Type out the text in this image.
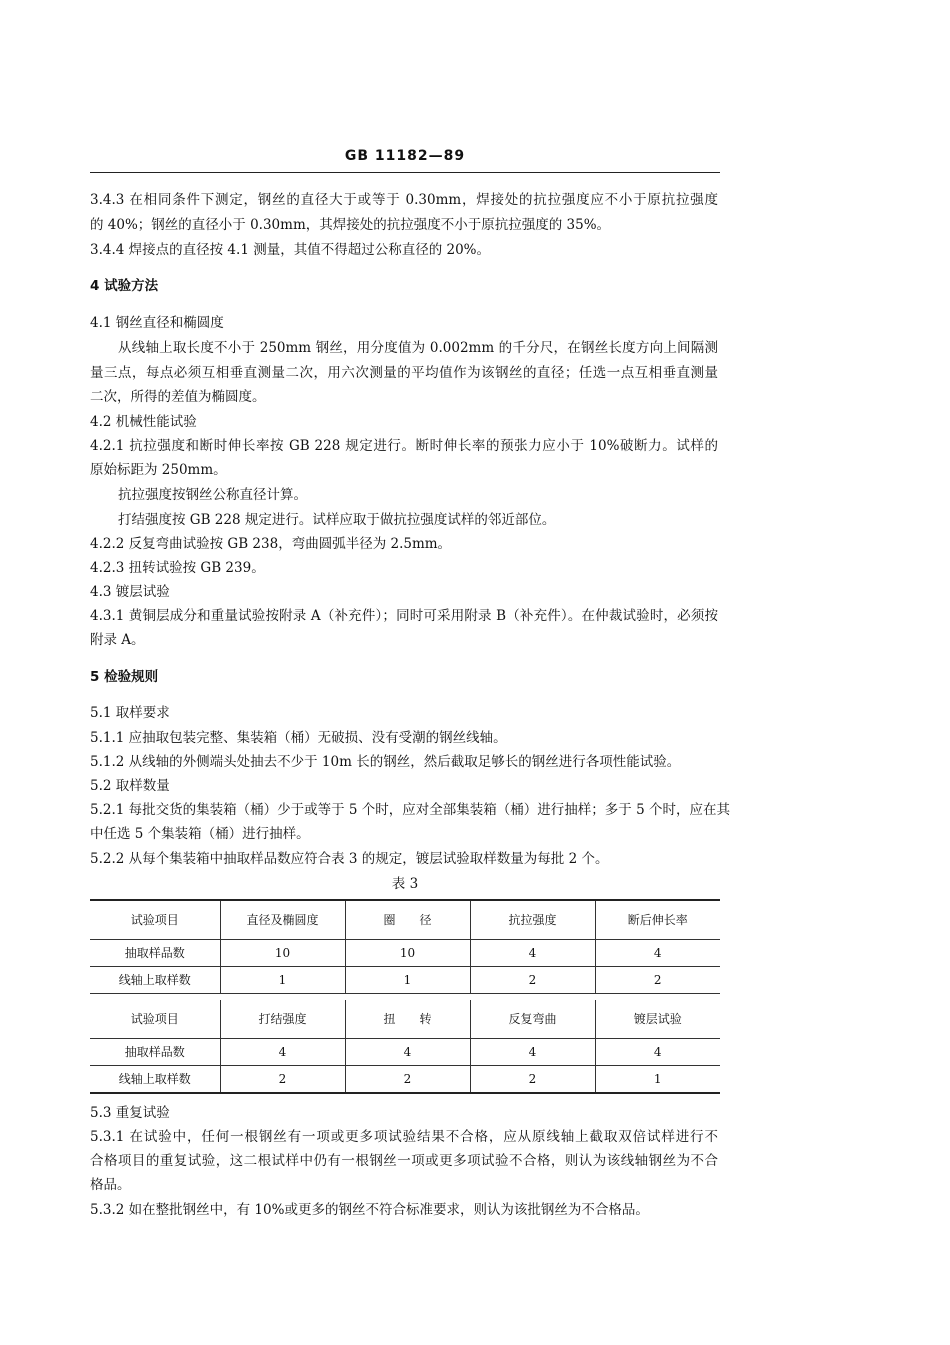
GB 11182—89
3.4.3 在相同条件下测定，钢丝的直径大于或等于 0.30mm，焊接处的抗拉强度应不小于原抗拉强度
的 40%；钢丝的直径小于 0.30mm，其焊接处的抗拉强度不小于原抗拉强度的 35%。
3.4.4 焊接点的直径按 4.1 测量，其值不得超过公称直径的 20%。
4 试验方法
4.1 钢丝直径和椭圆度
从线轴上取长度不小于 250mm 钢丝，用分度值为 0.002mm 的千分尺，在钢丝长度方向上间隔测
量三点，每点必须互相垂直测量二次，用六次测量的平均值作为该钢丝的直径；任选一点互相垂直测量
二次，所得的差值为椭圆度。
4.2 机械性能试验
4.2.1 抗拉强度和断时伸长率按 GB 228 规定进行。断时伸长率的预张力应小于 10%破断力。试样的
原始标距为 250mm。
抗拉强度按钢丝公称直径计算。
打结强度按 GB 228 规定进行。试样应取于做抗拉强度试样的邻近部位。
4.2.2 反复弯曲试验按 GB 238，弯曲圆弧半径为 2.5mm。
4.2.3 扭转试验按 GB 239。
4.3 镀层试验
4.3.1 黄铜层成分和重量试验按附录 A（补充件）；同时可采用附录 B（补充件）。在仲裁试验时，必须按
附录 A。
5 检验规则
5.1 取样要求
5.1.1 应抽取包装完整、集装箱（桶）无破损、没有受潮的钢丝线轴。
5.1.2 从线轴的外侧端头处抽去不少于 10m 长的钢丝，然后截取足够长的钢丝进行各项性能试验。
5.2 取样数量
5.2.1 每批交货的集装箱（桶）少于或等于 5 个时，应对全部集装箱（桶）进行抽样；多于 5 个时，应在其
中任选 5 个集装箱（桶）进行抽样。
5.2.2 从每个集装箱中抽取样品数应符合表 3 的规定，镀层试验取样数量为每批 2 个。
表 3
试验项目	直径及椭圆度	圈　　径	抗拉强度	断后伸长率
抽取样品数	10	10	4	4
线轴上取样数	1	1	2	2
试验项目	打结强度	扭　　转	反复弯曲	镀层试验
抽取样品数	4	4	4	4
线轴上取样数	2	2	2	1
5.3 重复试验
5.3.1 在试验中，任何一根钢丝有一项或更多项试验结果不合格，应从原线轴上截取双倍试样进行不
合格项目的重复试验，这二根试样中仍有一根钢丝一项或更多项试验不合格，则认为该线轴钢丝为不合
格品。
5.3.2 如在整批钢丝中，有 10%或更多的钢丝不符合标准要求，则认为该批钢丝为不合格品。
